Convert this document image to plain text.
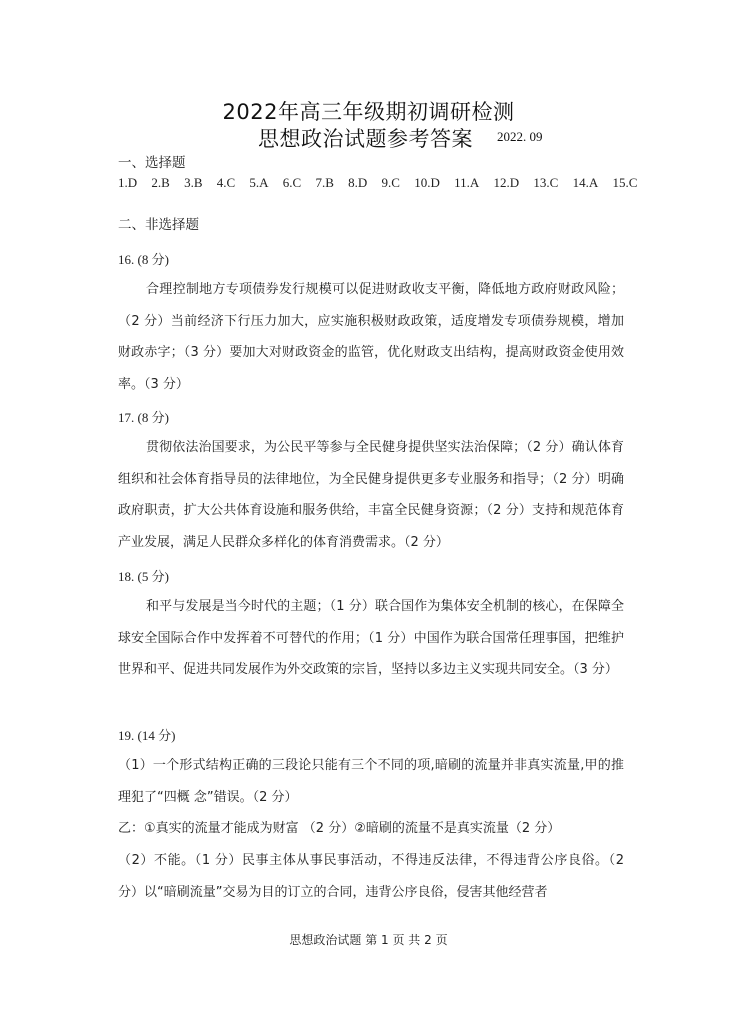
2022年高三年级期初调研检测
思想政治试题参考答案 2022. 09
一、选择题
1.D 2.B 3.B 4.C 5.A 6.C 7.B 8.D 9.C 10.D 11.A 12.D 13.C 14.A 15.C
二、非选择题
16. (8 分)
合理控制地方专项债券发行规模可以促进财政收支平衡，降低地方政府财政风险；（2 分）当前经济下行压力加大，应实施积极财政政策，适度增发专项债券规模，增加财政赤字；（3 分）要加大对财政资金的监管，优化财政支出结构，提高财政资金使用效率。（3 分）
17. (8 分)
贯彻依法治国要求，为公民平等参与全民健身提供坚实法治保障；（2 分）确认体育组织和社会体育指导员的法律地位，为全民健身提供更多专业服务和指导；（2 分）明确政府职责，扩大公共体育设施和服务供给，丰富全民健身资源；（2 分）支持和规范体育产业发展，满足人民群众多样化的体育消费需求。（2 分）
18. (5 分)
和平与发展是当今时代的主题；（1 分）联合国作为集体安全机制的核心，在保障全球安全国际合作中发挥着不可替代的作用；（1 分）中国作为联合国常任理事国，把维护世界和平、促进共同发展作为外交政策的宗旨，坚持以多边主义实现共同安全。（3 分）
19. (14 分)
（1）一个形式结构正确的三段论只能有三个不同的项,暗刷的流量并非真实流量,甲的推理犯了“四概 念”错误。（2 分）
乙：①真实的流量才能成为财富 （2 分）②暗刷的流量不是真实流量（2 分）
（2）不能。（1 分）民事主体从事民事活动，不得违反法律，不得违背公序良俗。（2 分）以“暗刷流量”交易为目的订立的合同，违背公序良俗，侵害其他经营者
思想政治试题 第 1 页 共 2 页
